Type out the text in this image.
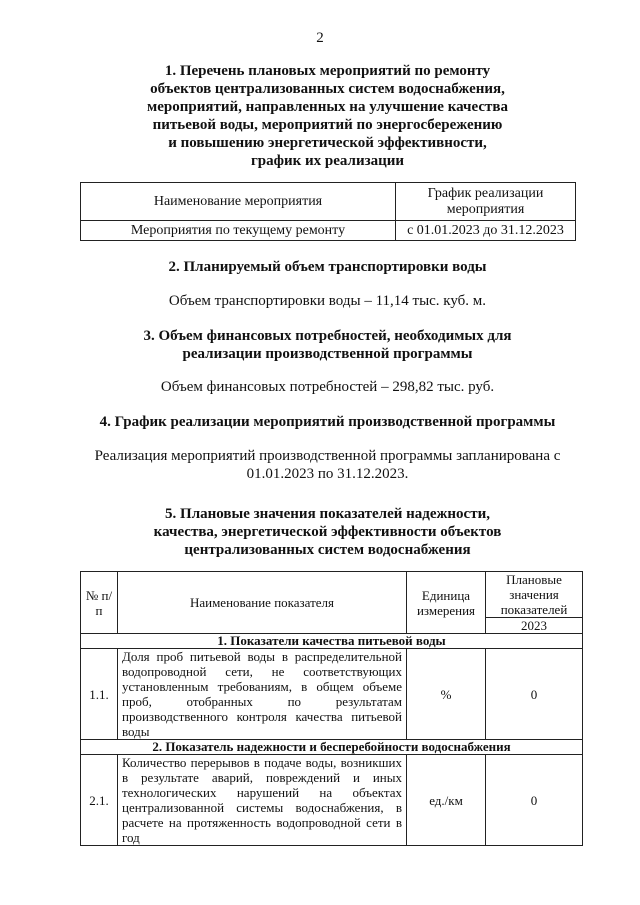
2
1. Перечень плановых мероприятий по ремонту
объектов централизованных систем водоснабжения,
мероприятий, направленных на улучшение качества
питьевой воды, мероприятий по энергосбережению
и повышению энергетической эффективности,
график их реализации
Наименование мероприятия	График реализации мероприятия
Мероприятия по текущему ремонту	с 01.01.2023 до 31.12.2023
2. Планируемый объем транспортировки воды
Объем транспортировки воды – 11,14 тыс. куб. м.
3. Объем финансовых потребностей, необходимых для
реализации производственной программы
Объем финансовых потребностей – 298,82 тыс. руб.
4. График реализации мероприятий производственной программы
Реализация мероприятий производственной программы запланирована с
01.01.2023 по 31.12.2023.
5. Плановые значения показателей надежности,
качества, энергетической эффективности объектов
централизованных систем водоснабжения
№ п/п	Наименование показателя	Единица измерения	Плановые значения показателей
			2023
1. Показатели качества питьевой воды			
1.1.	Доля проб питьевой воды в распределительной водопроводной сети, не соответствующих установленным требованиям, в общем объеме проб, отобранных по результатам производственного контроля качества питьевой воды	%	0
2. Показатель надежности и бесперебойности водоснабжения			
2.1.	Количество перерывов в подаче воды, возникших в результате аварий, повреждений и иных технологических нарушений на объектах централизованной системы водоснабжения, в расчете на протяженность водопроводной сети в год	ед./км	0
